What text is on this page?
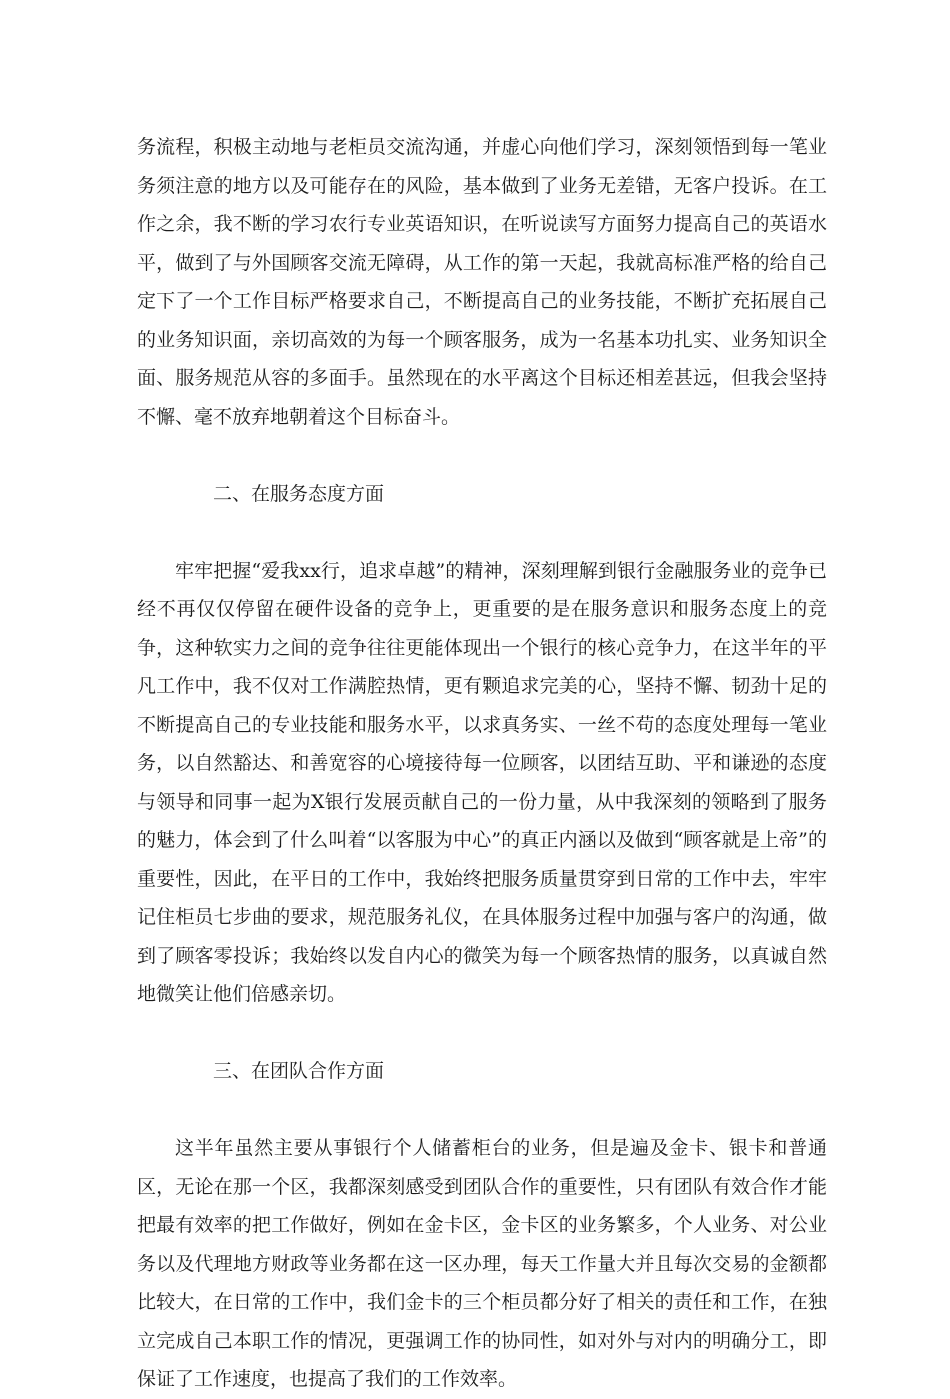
务流程，积极主动地与老柜员交流沟通，并虚心向他们学习，深刻领悟到每一笔业务须注意的地方以及可能存在的风险，基本做到了业务无差错，无客户投诉。在工作之余，我不断的学习农行专业英语知识，在听说读写方面努力提高自己的英语水平，做到了与外国顾客交流无障碍，从工作的第一天起，我就高标准严格的给自己定下了一个工作目标严格要求自己，不断提高自己的业务技能，不断扩充拓展自己的业务知识面，亲切高效的为每一个顾客服务，成为一名基本功扎实、业务知识全面、服务规范从容的多面手。虽然现在的水平离这个目标还相差甚远，但我会坚持不懈、毫不放弃地朝着这个目标奋斗。

二、在服务态度方面

牢牢把握“爱我xx行，追求卓越”的精神，深刻理解到银行金融服务业的竞争已经不再仅仅停留在硬件设备的竞争上，更重要的是在服务意识和服务态度上的竞争，这种软实力之间的竞争往往更能体现出一个银行的核心竞争力，在这半年的平凡工作中，我不仅对工作满腔热情，更有颗追求完美的心，坚持不懈、韧劲十足的不断提高自己的专业技能和服务水平，以求真务实、一丝不苟的态度处理每一笔业务，以自然豁达、和善宽容的心境接待每一位顾客，以团结互助、平和谦逊的态度与领导和同事一起为X银行发展贡献自己的一份力量，从中我深刻的领略到了服务的魅力，体会到了什么叫着“以客服为中心”的真正内涵以及做到“顾客就是上帝”的重要性，因此，在平日的工作中，我始终把服务质量贯穿到日常的工作中去，牢牢记住柜员七步曲的要求，规范服务礼仪，在具体服务过程中加强与客户的沟通，做到了顾客零投诉；我始终以发自内心的微笑为每一个顾客热情的服务，以真诚自然地微笑让他们倍感亲切。

三、在团队合作方面

这半年虽然主要从事银行个人储蓄柜台的业务，但是遍及金卡、银卡和普通区，无论在那一个区，我都深刻感受到团队合作的重要性，只有团队有效合作才能把最有效率的把工作做好，例如在金卡区，金卡区的业务繁多，个人业务、对公业务以及代理地方财政等业务都在这一区办理，每天工作量大并且每次交易的金额都比较大，在日常的工作中，我们金卡的三个柜员都分好了相关的责任和工作，在独立完成自己本职工作的情况，更强调工作的协同性，如对外与对内的明确分工，即保证了工作速度，也提高了我们的工作效率。
